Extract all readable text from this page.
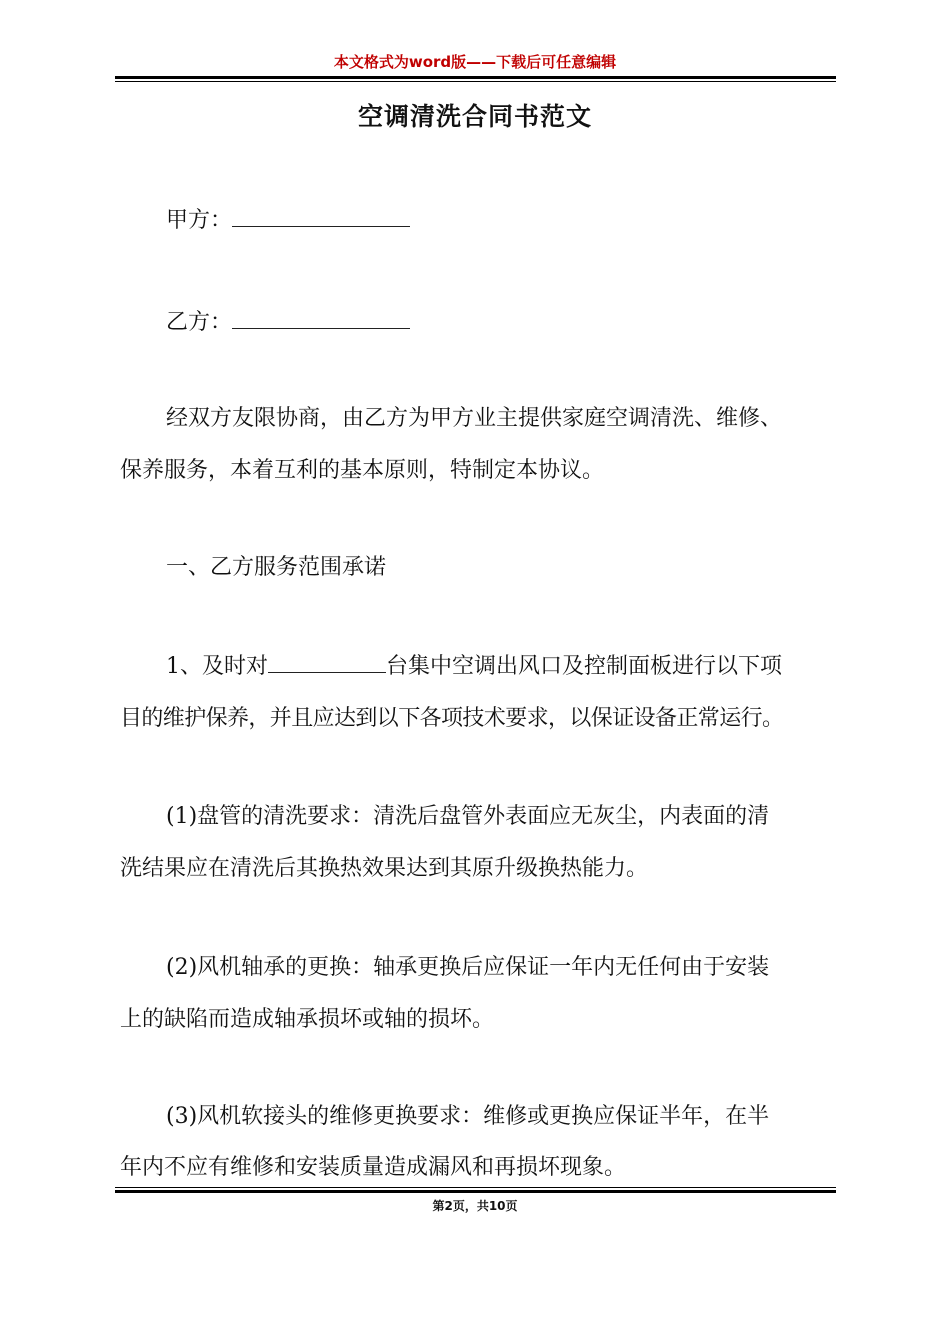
本文格式为word版——下载后可任意编辑
空调清洗合同书范文
甲方：
乙方：
经双方友限协商，由乙方为甲方业主提供家庭空调清洗、维修、
保养服务，本着互利的基本原则，特制定本协议。
一、乙方服务范围承诺
1、及时对	台集中空调出风口及控制面板进行以下项
目的维护保养，并且应达到以下各项技术要求，以保证设备正常运行。
(1)盘管的清洗要求：清洗后盘管外表面应无灰尘，内表面的清
洗结果应在清洗后其换热效果达到其原升级换热能力。
(2)风机轴承的更换：轴承更换后应保证一年内无任何由于安装
上的缺陷而造成轴承损坏或轴的损坏。
(3)风机软接头的维修更换要求：维修或更换应保证半年，在半
年内不应有维修和安装质量造成漏风和再损坏现象。
第2页，共10页
